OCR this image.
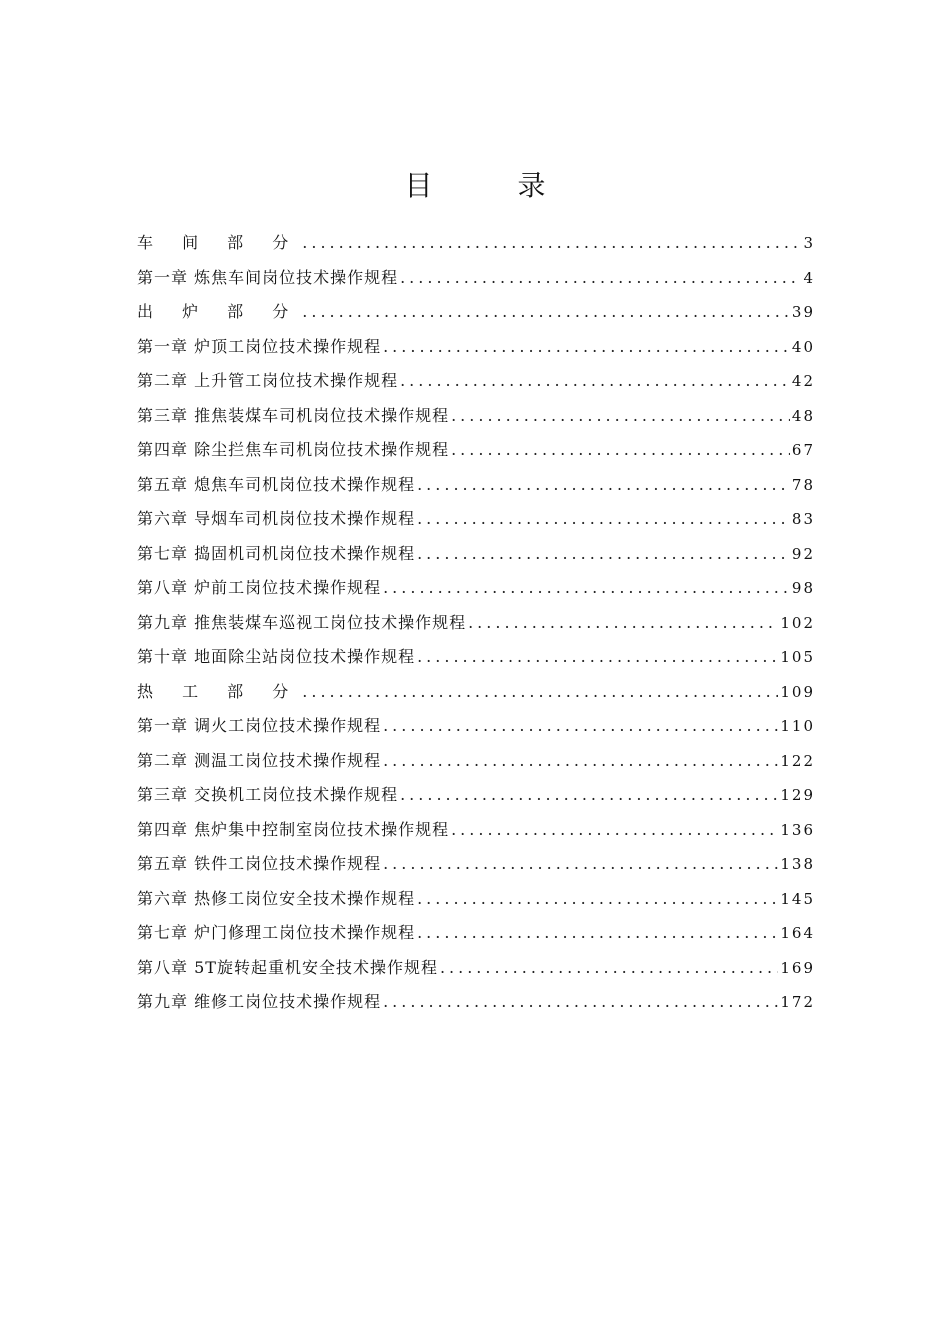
目 录
车 间 部 分 .....	3
第一章 炼焦车间岗位技术操作规程 .....	4
出 炉 部 分 .....	39
第一章 炉顶工岗位技术操作规程 .....	40
第二章 上升管工岗位技术操作规程 .....	42
第三章 推焦装煤车司机岗位技术操作规程 .....	48
第四章 除尘拦焦车司机岗位技术操作规程 .....	67
第五章 熄焦车司机岗位技术操作规程 .....	78
第六章 导烟车司机岗位技术操作规程 .....	83
第七章 捣固机司机岗位技术操作规程 .....	92
第八章 炉前工岗位技术操作规程 .....	98
第九章 推焦装煤车巡视工岗位技术操作规程 .....	102
第十章 地面除尘站岗位技术操作规程 .....	105
热 工 部 分 .....	109
第一章 调火工岗位技术操作规程 .....	110
第二章 测温工岗位技术操作规程 .....	122
第三章 交换机工岗位技术操作规程 .....	129
第四章 焦炉集中控制室岗位技术操作规程 .....	136
第五章 铁件工岗位技术操作规程 .....	138
第六章 热修工岗位安全技术操作规程 .....	145
第七章 炉门修理工岗位技术操作规程 .....	164
第八章 5T旋转起重机安全技术操作规程 .....	169
第九章 维修工岗位技术操作规程 .....	172
